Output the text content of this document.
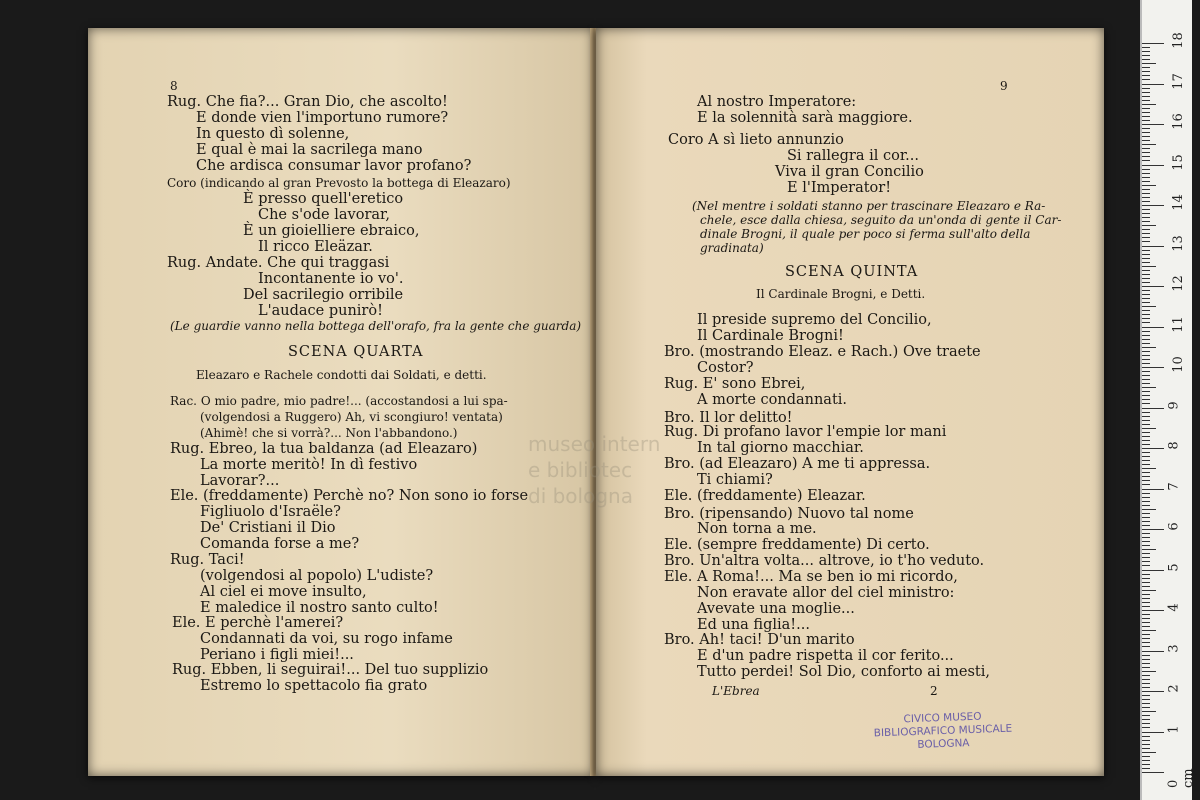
museo intern
e bibliotec
di bologna
8
Rug. Che fia?... Gran Dio, che ascolto!
E donde vien l'importuno rumore?
In questo dì solenne,
E qual è mai la sacrilega mano
Che ardisca consumar lavor profano?
Coro (indicando al gran Prevosto la bottega di Eleazaro)
È presso quell'eretico
Che s'ode lavorar,
È un gioielliere ebraico,
Il ricco Eleäzar.
Rug. Andate. Che qui traggasi
Incontanente io vo'.
Del sacrilegio orribile
L'audace punirò!
(Le guardie vanno nella bottega dell'orafo, fra la gente che guarda)
SCENA QUARTA
Eleazaro e Rachele condotti dai Soldati, e detti.
Rac. O mio padre, mio padre!... (accostandosi a lui spa-
(volgendosi a Ruggero) Ah, vi scongiuro! ventata)
(Ahimè! che si vorrà?... Non l'abbandono.)
Rug. Ebreo, la tua baldanza (ad Eleazaro)
La morte meritò! In dì festivo
Lavorar?...
Ele. (freddamente) Perchè no? Non sono io forse
Figliuolo d'Israële?
De' Cristiani il Dio
Comanda forse a me?
Rug. Taci!
(volgendosi al popolo) L'udiste?
Al ciel ei move insulto,
E maledice il nostro santo culto!
Ele. E perchè l'amerei?
Condannati da voi, su rogo infame
Periano i figli miei!...
Rug. Ebben, li seguirai!... Del tuo supplizio
Estremo lo spettacolo fia grato
9
Al nostro Imperatore:
E la solennità sarà maggiore.
Coro A sì lieto annunzio
Si rallegra il cor...
Viva il gran Concilio
E l'Imperator!
(Nel mentre i soldati stanno per trascinare Eleazaro e Ra-
chele, esce dalla chiesa, seguito da un'onda di gente il Car-
dinale Brogni, il quale per poco si ferma sull'alto della
gradinata)
SCENA QUINTA
Il Cardinale Brogni, e Detti.
Il preside supremo del Concilio,
Il Cardinale Brogni!
Bro. (mostrando Eleaz. e Rach.) Ove traete
Costor?
Rug. E' sono Ebrei,
A morte condannati.
Bro. Il lor delitto!
Rug. Di profano lavor l'empie lor mani
In tal giorno macchiar.
Bro. (ad Eleazaro) A me ti appressa.
Ti chiami?
Ele. (freddamente) Eleazar.
Bro. (ripensando) Nuovo tal nome
Non torna a me.
Ele. (sempre freddamente) Di certo.
Bro. Un'altra volta... altrove, io t'ho veduto.
Ele. A Roma!... Ma se ben io mi ricordo,
Non eravate allor del ciel ministro:
Avevate una moglie...
Ed una figlia!...
Bro. Ah! taci! D'un marito
E d'un padre rispetta il cor ferito...
Tutto perdei! Sol Dio, conforto ai mesti,
L'Ebrea	2
CIVICO MUSEO
BIBLIOGRAFICO MUSICALE
BOLOGNA
0 cm
1
2
3
4
5
6
7
8
9
10
11
12
13
14
15
16
17
18
